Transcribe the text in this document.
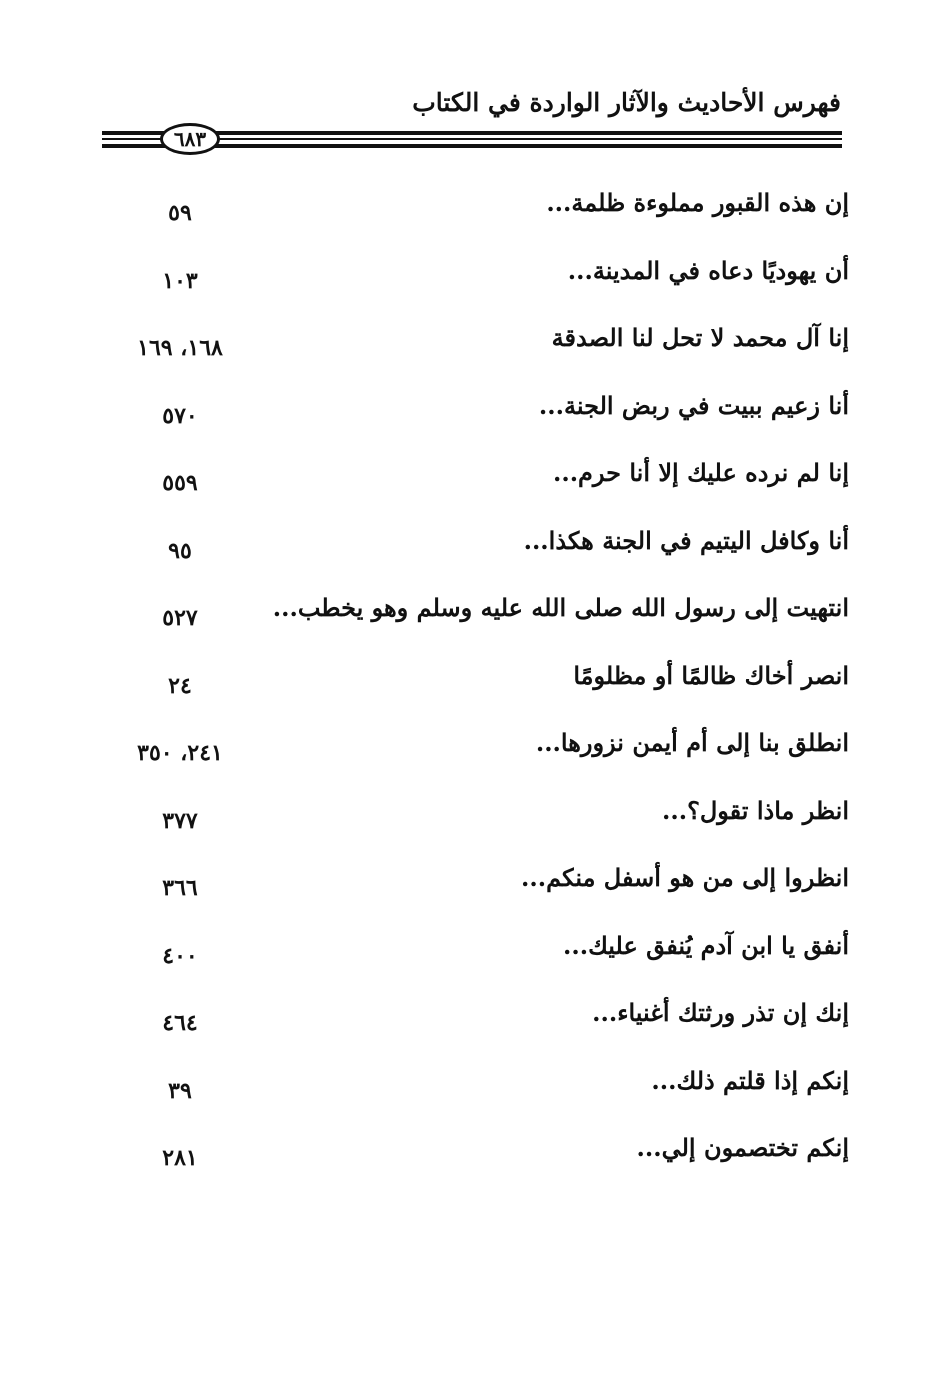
فهرس الأحاديث والآثار الواردة في الكتاب
٦٨٣
إن هذه القبور مملوءة ظلمة...
٥٩
أن يهوديًا دعاه في المدينة...
١٠٣
إنا آل محمد لا تحل لنا الصدقة
١٦٨، ١٦٩
أنا زعيم ببيت في ربض الجنة...
٥٧٠
إنا لم نرده عليك إلا أنا حرم...
٥٥٩
أنا وكافل اليتيم في الجنة هكذا...
٩٥
انتهيت إلى رسول الله صلى الله عليه وسلم وهو يخطب...
٥٢٧
انصر أخاك ظالمًا أو مظلومًا
٢٤
انطلق بنا إلى أم أيمن نزورها...
٢٤١، ٣٥٠
انظر ماذا تقول؟...
٣٧٧
انظروا إلى من هو أسفل منكم...
٣٦٦
أنفق يا ابن آدم يُنفق عليك...
٤٠٠
إنك إن تذر ورثتك أغنياء...
٤٦٤
إنكم إذا قلتم ذلك...
٣٩
إنكم تختصمون إلي...
٢٨١
